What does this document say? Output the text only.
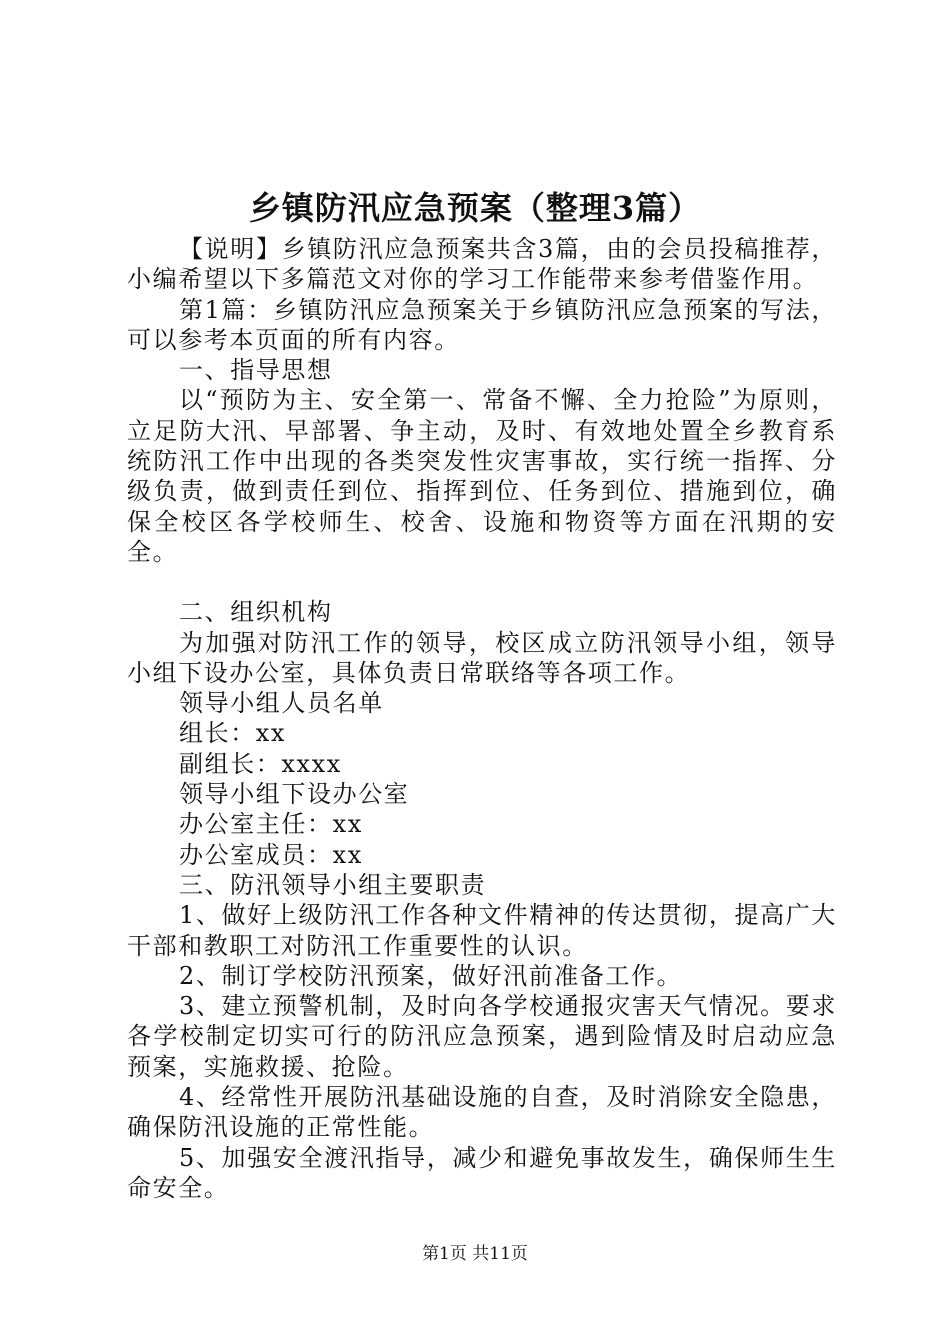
乡镇防汛应急预案（整理3篇）

【说明】乡镇防汛应急预案共含3篇，由的会员投稿推荐，小编希望以下多篇范文对你的学习工作能带来参考借鉴作用。

第1篇：乡镇防汛应急预案关于乡镇防汛应急预案的写法，可以参考本页面的所有内容。

一、指导思想

以“预防为主、安全第一、常备不懈、全力抢险”为原则，立足防大汛、早部署、争主动，及时、有效地处置全乡教育系统防汛工作中出现的各类突发性灾害事故，实行统一指挥、分级负责，做到责任到位、指挥到位、任务到位、措施到位，确保全校区各学校师生、校舍、设施和物资等方面在汛期的安全。

二、组织机构

为加强对防汛工作的领导，校区成立防汛领导小组，领导小组下设办公室，具体负责日常联络等各项工作。

领导小组人员名单

组长：xx

副组长：xxxx

领导小组下设办公室

办公室主任：xx

办公室成员：xx

三、防汛领导小组主要职责

1、做好上级防汛工作各种文件精神的传达贯彻，提高广大干部和教职工对防汛工作重要性的认识。

2、制订学校防汛预案，做好汛前准备工作。

3、建立预警机制，及时向各学校通报灾害天气情况。要求各学校制定切实可行的防汛应急预案，遇到险情及时启动应急预案，实施救援、抢险。

4、经常性开展防汛基础设施的自查，及时消除安全隐患，确保防汛设施的正常性能。

5、加强安全渡汛指导，减少和避免事故发生，确保师生生命安全。

第1页 共11页
